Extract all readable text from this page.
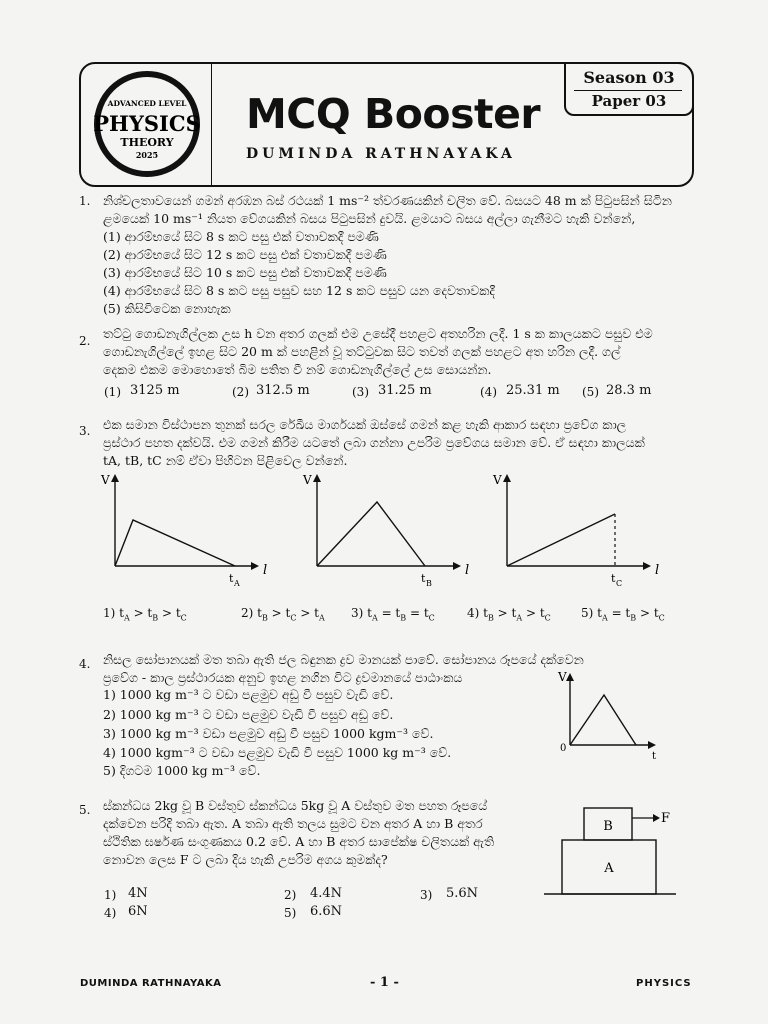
ADVANCED LEVEL
PHYSICS
THEORY
2025
MCQ Booster
DUMINDA RATHNAYAKA
Season 03
Paper 03
1.	නිශ්චලතාවයෙන් ගමන් අරඹන බස් රථයක් 1 ms⁻² ත්වරණයකින් චලිත වේ. බසයට 48 m ක් පිටුපසින් සිටින
ළමයෙක් 10 ms⁻¹ නියත වේගයකින් බසය පිටුපසින් දුවයි. ළමයාට බසය අල්ලා ගැනීමට හැකි වන්නේ,
(1) ආරම්භයේ සිට 8 s කට පසු එක් වතාවකදී පමණි
(2) ආරම්භයේ සිට 12 s කට පසු එක් වතාවකදී පමණි
(3) ආරම්භයේ සිට 10 s කට පසු එක් වතාවකදී පමණි
(4) ආරම්භයේ සිට 8 s කට පසු පසුව සහ 12 s කට පසුව යන දෙවතාවකදී
(5) කිසිවිටෙක නොහැක
2.	තට්ටු ගොඩනැගිල්ලක උස h වන අතර ගලක් එම උසේදී පහළට අතහරින ලදී. 1 s ක කාලයකට පසුව එම
ගොඩනැගිල්ලේ ඉහළ සිට 20 m ක් පහළින් වූ තට්ටුවක සිට තවත් ගලක් පහළට අත හරින ලදී. ගල්
දෙකම එකම මොහොතේ බිම පතිත වී නම් ගොඩනැගිල්ලේ උස සොයන්න.
(1) 3125 m	(2) 312.5 m	(3) 31.25 m	(4) 25.31 m (5) 28.3 m
3.	එක සමාන විස්ථාපන තුනක් සරල රේඛීය මාර්ගයක් ඔස්සේ ගමන් කළ හැකි ආකාර සඳහා ප්‍රවේග කාල
ප්‍රස්ථාර පහත දක්වයි. එම ගමන් කිරීම යටතේ ලබා ගන්නා උපරිම ප්‍රවේගය සමාන වේ. ඒ සඳහා කාලයක්
tA, tB, tC නම් ඒවා පිහිටන පිළිවෙල වන්නේ.
V
l
t A
V
l
t B
V
l
t C
1) $t_A > t_B > t_C$	2) $t_B > t_C > t_A$ 3) $t_A = t_B = t_C$	4) $t_B > t_A > t_C$	5) $t_A = t_B > t_C$
4.	නිසල සෝපානයක් මත තබා ඇති ජල බඳුනක ද්‍රව මානයක් පාවේ. සෝපානය රූපයේ දක්වෙන
ප්‍රවේග - කාල ප්‍රස්ථාරයක අනුව ඉහළ නගින විට ද්‍රවමානයේ පාඨාංකය
1) 1000 kg m⁻³ ට වඩා පළමුව අඩු වී පසුව වැඩි වේ.
2) 1000 kg m⁻³ ට වඩා පළමුව වැඩි වී පසුව අඩු වේ.
3) 1000 kg m⁻³ වඩා පළමුව අඩු වී පසුව 1000 kgm⁻³ වේ.
4) 1000 kgm⁻³ ට වඩා පළමුව වැඩි වී පසුව 1000 kg m⁻³ වේ.
5) දිගටම 1000 kg m⁻³ වේ.
V
0
t
5.	ස්කන්ධය 2kg වූ B වස්තුව ස්කන්ධය 5kg වූ A වස්තුව මත පහත රූපයේ
දක්වෙන පරිදි තබා ඇත. A තබා ඇති තලය සුමට වන අතර A හා B අතර
ස්ථිතික ඝර්ෂණ සංගුණකය 0.2 වේ. A හා B අතර සාපේක්ෂ චලිතයක් ඇති
නොවන ලෙස F ට ලබා දිය හැකි උපරිම අගය කුමක්ද?
B
F
A
1) 4N	2) 4.4N	3) 5.6N
4) 6N	5) 6.6N
DUMINDA RATHNAYAKA	- 1 -	PHYSICS
